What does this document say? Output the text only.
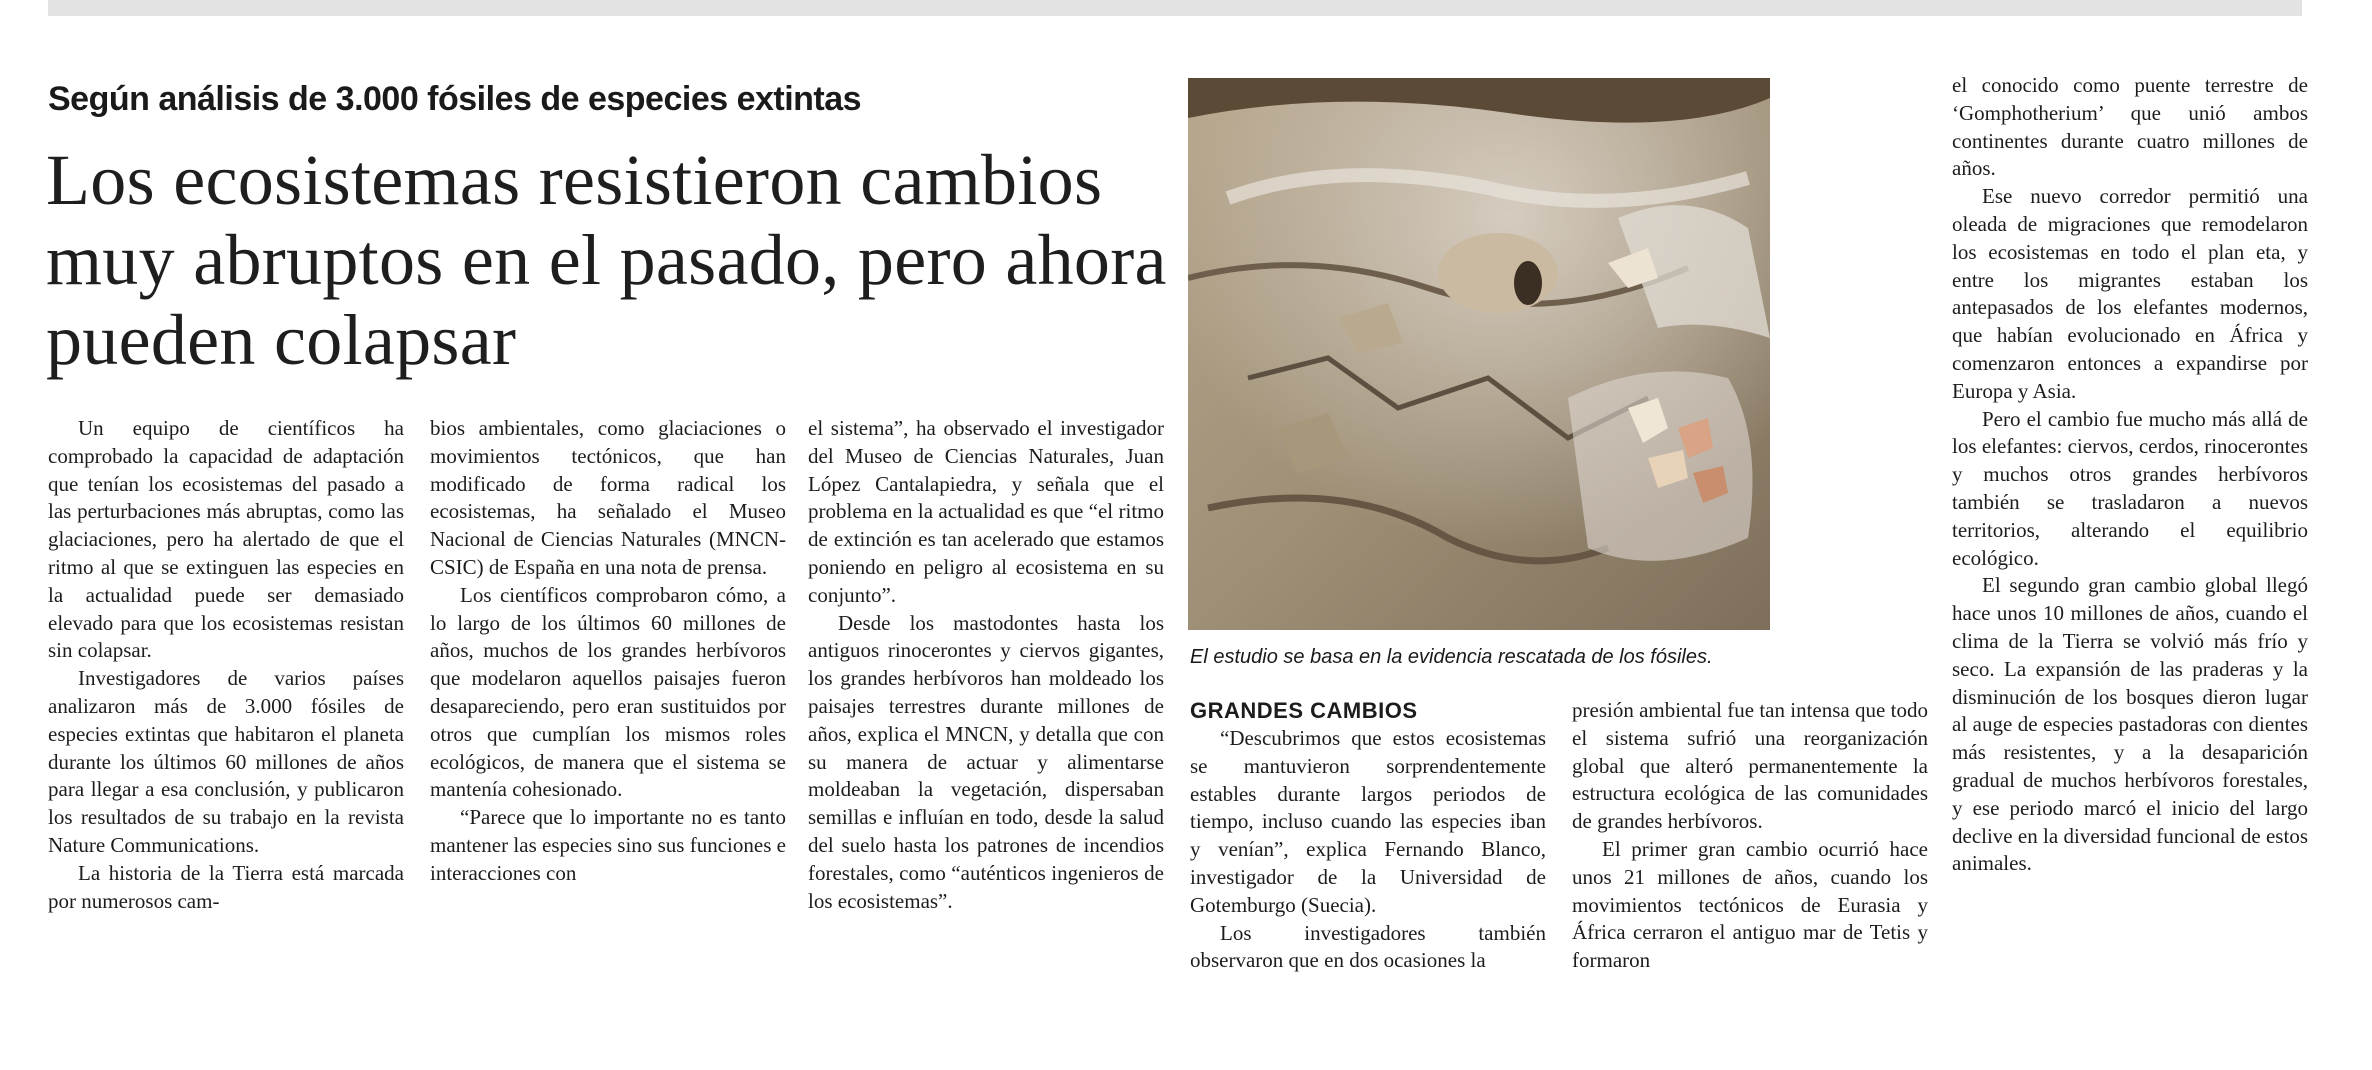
Según análisis de 3.000 fósiles de especies extintas
Los ecosistemas resistieron cambios muy abruptos en el pasado, pero ahora pueden colapsar

Un equipo de científicos ha comprobado la capacidad de adaptación que tenían los ecosistemas del pasado a las perturbaciones más abruptas, como las glaciaciones, pero ha alertado de que el ritmo al que se extinguen las especies en la actualidad puede ser demasiado elevado para que los ecosistemas resistan sin colapsar.

Investigadores de varios países analizaron más de 3.000 fósiles de especies extintas que habitaron el planeta durante los últimos 60 millones de años para llegar a esa conclusión, y publicaron los resultados de su trabajo en la revista Nature Communications.

La historia de la Tierra está marcada por numerosos cam-

bios ambientales, como glaciaciones o movimientos tectónicos, que han modificado de forma radical los ecosistemas, ha señalado el Museo Nacional de Ciencias Naturales (MNCN-CSIC) de España en una nota de prensa.

Los científicos comprobaron cómo, a lo largo de los últimos 60 millones de años, muchos de los grandes herbívoros que modelaron aquellos paisajes fueron desapareciendo, pero eran sustituidos por otros que cumplían los mismos roles ecológicos, de manera que el sistema se mantenía cohesionado.

“Parece que lo importante no es tanto mantener las especies sino sus funciones e interacciones con

el sistema”, ha observado el investigador del Museo de Ciencias Naturales, Juan López Cantalapiedra, y señala que el problema en la actualidad es que “el ritmo de extinción es tan acelerado que estamos poniendo en peligro al ecosistema en su conjunto”.

Desde los mastodontes hasta los antiguos rinocerontes y ciervos gigantes, los grandes herbívoros han moldeado los paisajes terrestres durante millones de años, explica el MNCN, y detalla que con su manera de actuar y alimentarse moldeaban la vegetación, dispersaban semillas e influían en todo, desde la salud del suelo hasta los patrones de incendios forestales, como “auténticos ingenieros de los ecosistemas”.

El estudio se basa en la evidencia rescatada de los fósiles.
GRANDES CAMBIOS

“Descubrimos que estos ecosistemas se mantuvieron sorprendentemente estables durante largos periodos de tiempo, incluso cuando las especies iban y venían”, explica Fernando Blanco, investigador de la Universidad de Gotemburgo (Suecia).

Los investigadores también observaron que en dos ocasiones la

presión ambiental fue tan intensa que todo el sistema sufrió una reorganización global que alteró permanentemente la estructura ecológica de las comunidades de grandes herbívoros.

El primer gran cambio ocurrió hace unos 21 millones de años, cuando los movimientos tectónicos de Eurasia y África cerraron el antiguo mar de Tetis y formaron

el conocido como puente terrestre de ‘Gomphotherium’ que unió ambos continentes durante cuatro millones de años.

Ese nuevo corredor permitió una oleada de migraciones que remodelaron los ecosistemas en todo el plan eta, y entre los migrantes estaban los antepasados de los elefantes modernos, que habían evolucionado en África y comenzaron entonces a expandirse por Europa y Asia.

Pero el cambio fue mucho más allá de los elefantes: ciervos, cerdos, rinocerontes y muchos otros grandes herbívoros también se trasladaron a nuevos territorios, alterando el equilibrio ecológico.

El segundo gran cambio global llegó hace unos 10 millones de años, cuando el clima de la Tierra se volvió más frío y seco. La expansión de las praderas y la disminución de los bosques dieron lugar al auge de especies pastadoras con dientes más resistentes, y a la desaparición gradual de muchos herbívoros forestales, y ese periodo marcó el inicio del largo declive en la diversidad funcional de estos animales.
